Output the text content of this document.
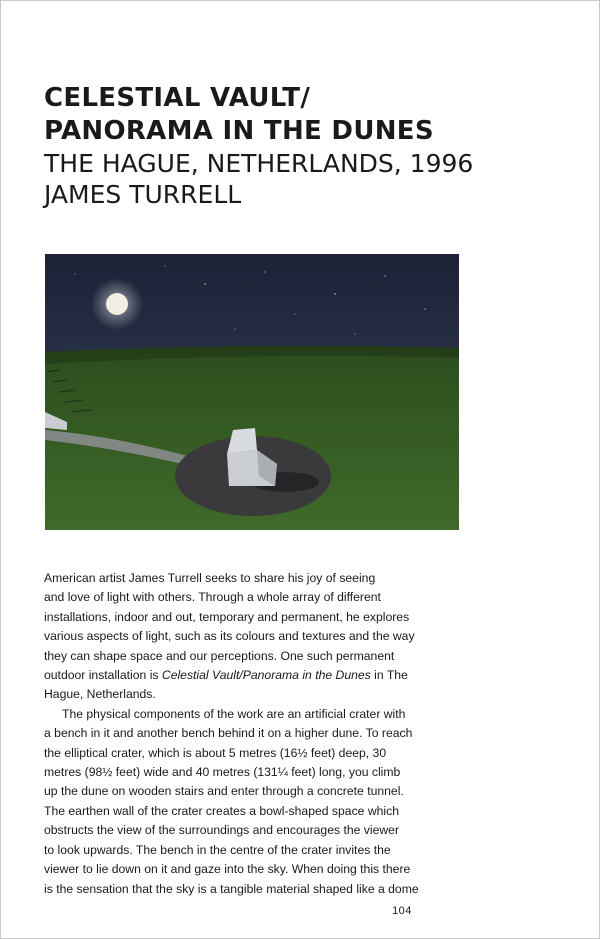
CELESTIAL VAULT/

PANORAMA IN THE DUNES

THE HAGUE, NETHERLANDS, 1996

JAMES TURRELL

American artist James Turrell seeks to share his joy of seeing
and love of light with others. Through a whole array of different
installations, indoor and out, temporary and permanent, he explores
various aspects of light, such as its colours and textures and the way
they can shape space and our perceptions. One such permanent
outdoor installation is Celestial Vault/Panorama in the Dunes in The
Hague, Netherlands.

The physical components of the work are an artificial crater with
a bench in it and another bench behind it on a higher dune. To reach
the elliptical crater, which is about 5 metres (16½ feet) deep, 30
metres (98½ feet) wide and 40 metres (131¼ feet) long, you climb
up the dune on wooden stairs and enter through a concrete tunnel.
The earthen wall of the crater creates a bowl-shaped space which
obstructs the view of the surroundings and encourages the viewer
to look upwards. The bench in the centre of the crater invites the
viewer to lie down on it and gaze into the sky. When doing this there
is the sensation that the sky is a tangible material shaped like a dome

104
